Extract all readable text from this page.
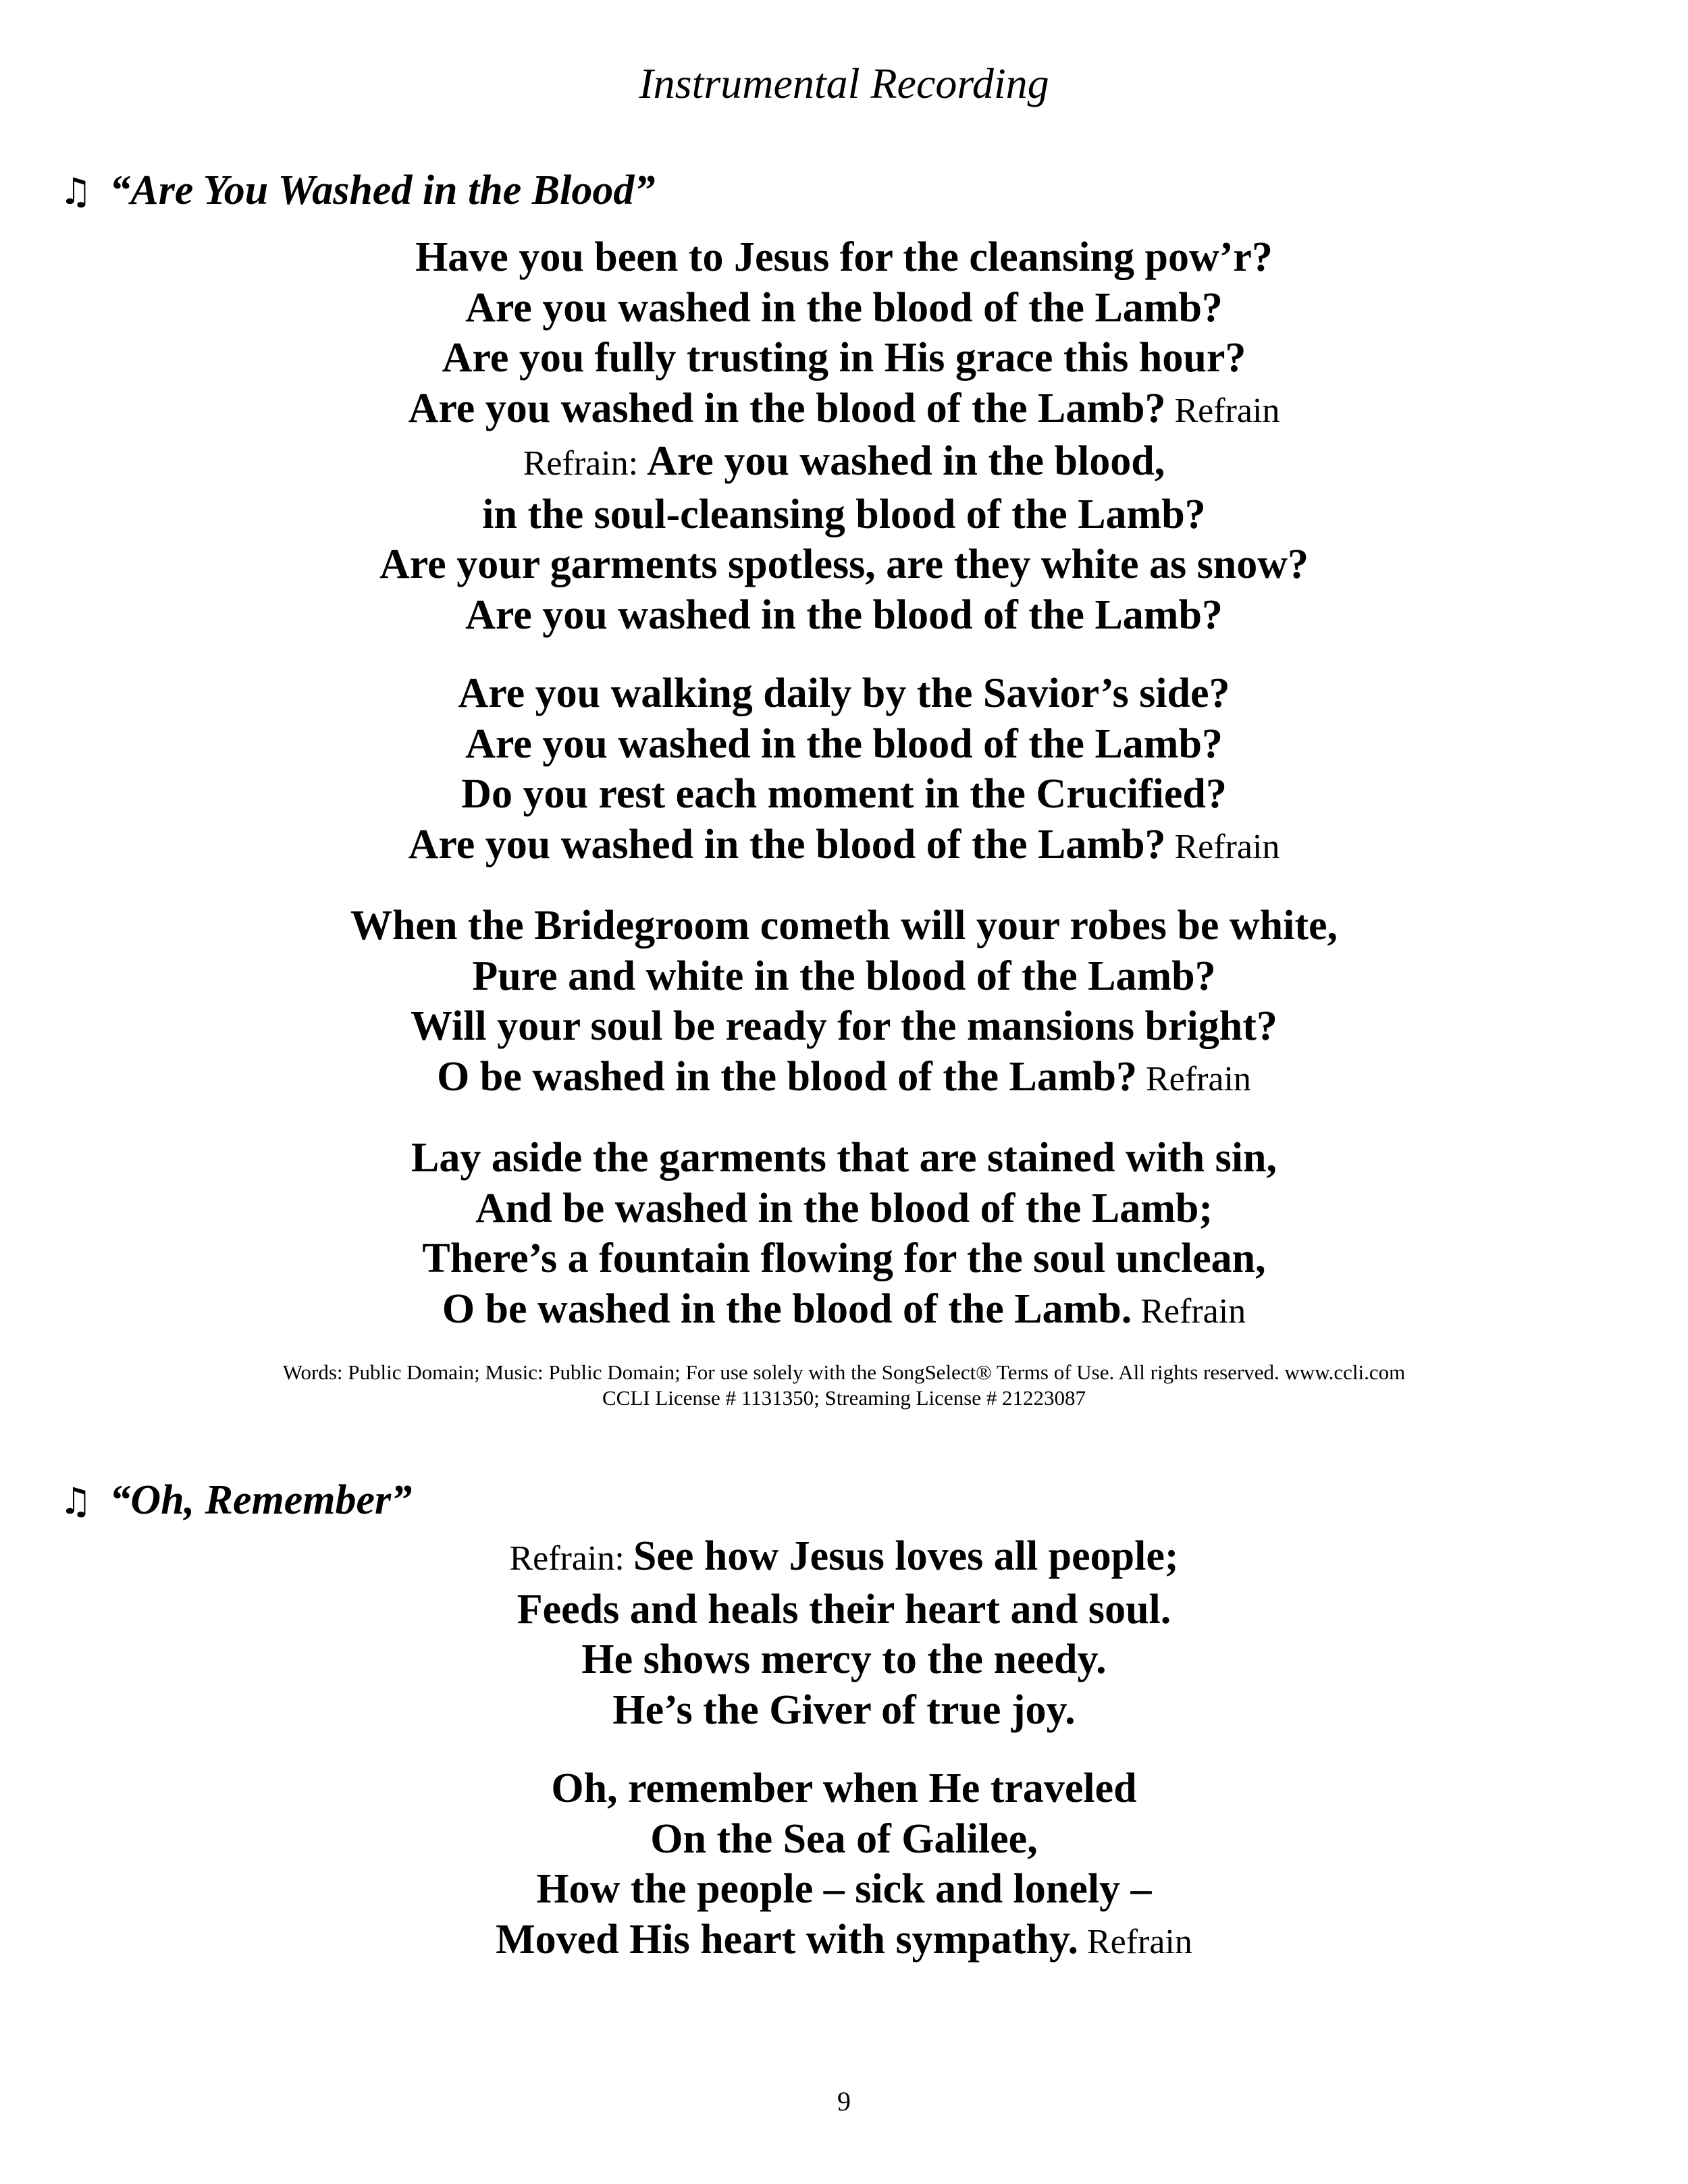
Instrumental Recording
♫ “Are You Washed in the Blood”
Have you been to Jesus for the cleansing pow’r?
Are you washed in the blood of the Lamb?
Are you fully trusting in His grace this hour?
Are you washed in the blood of the Lamb? Refrain
Refrain: Are you washed in the blood,
in the soul-cleansing blood of the Lamb?
Are your garments spotless, are they white as snow?
Are you washed in the blood of the Lamb?
Are you walking daily by the Savior’s side?
Are you washed in the blood of the Lamb?
Do you rest each moment in the Crucified?
Are you washed in the blood of the Lamb? Refrain
When the Bridegroom cometh will your robes be white,
Pure and white in the blood of the Lamb?
Will your soul be ready for the mansions bright?
O be washed in the blood of the Lamb? Refrain
Lay aside the garments that are stained with sin,
And be washed in the blood of the Lamb;
There’s a fountain flowing for the soul unclean,
O be washed in the blood of the Lamb. Refrain
Words: Public Domain; Music: Public Domain; For use solely with the SongSelect® Terms of Use. All rights reserved. www.ccli.com
CCLI License # 1131350; Streaming License # 21223087
♫ “Oh, Remember”
Refrain: See how Jesus loves all people;
Feeds and heals their heart and soul.
He shows mercy to the needy.
He’s the Giver of true joy.
Oh, remember when He traveled
On the Sea of Galilee,
How the people – sick and lonely –
Moved His heart with sympathy. Refrain
9
